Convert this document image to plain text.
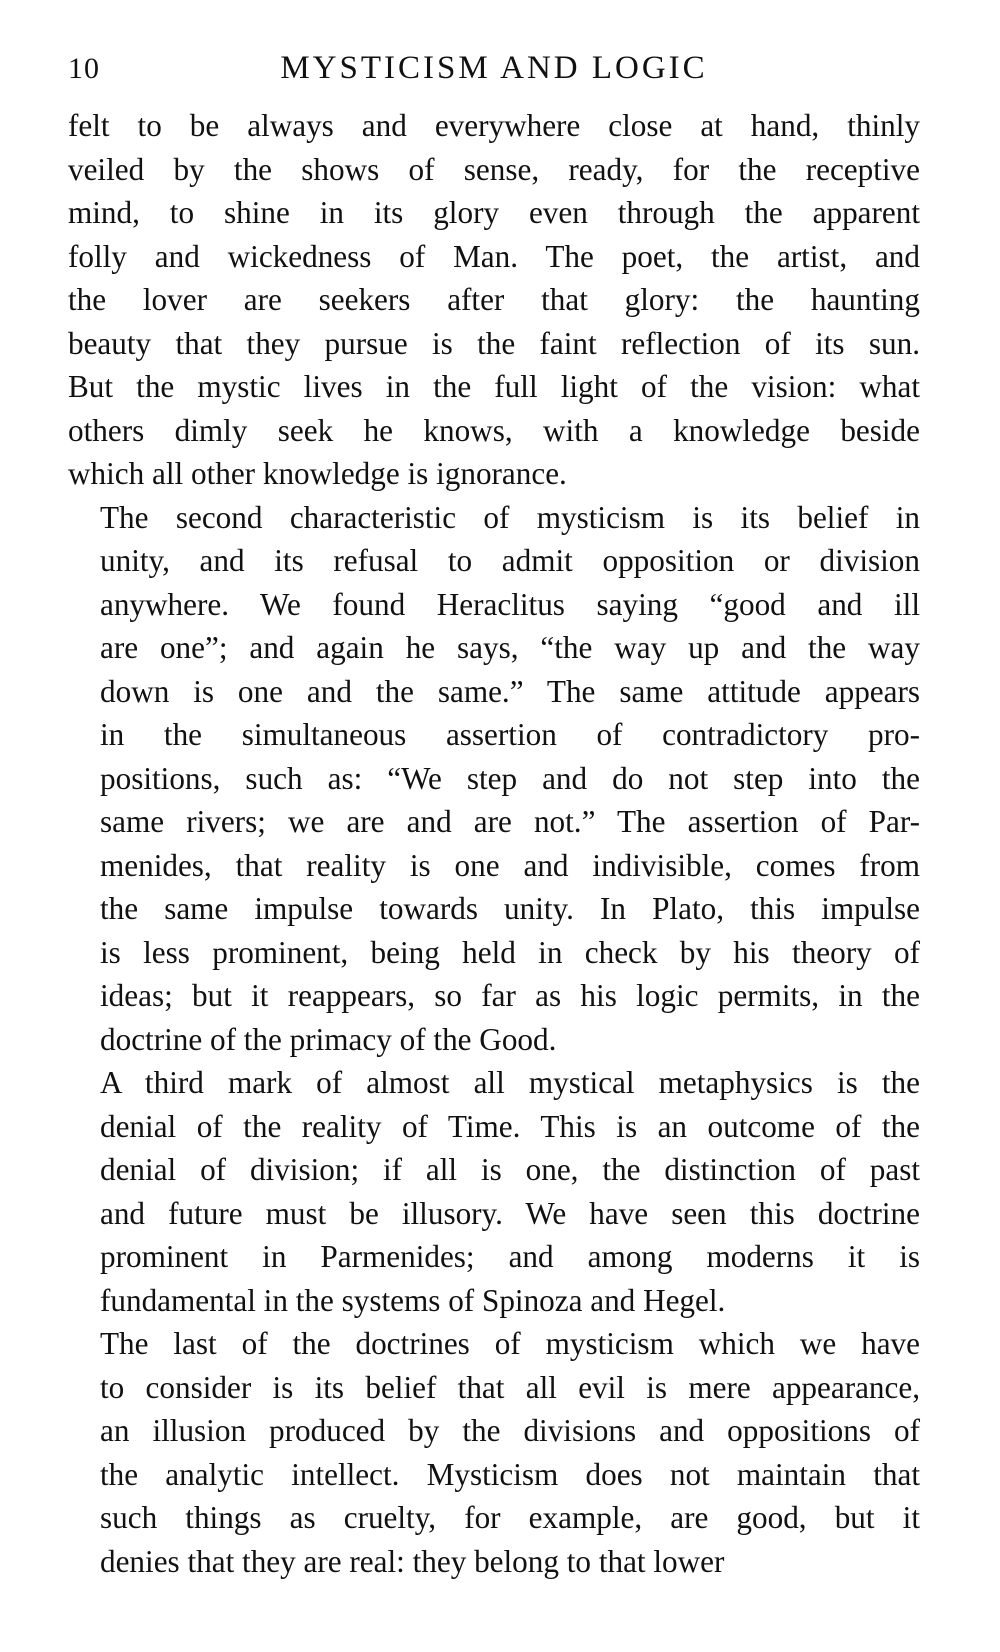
10	MYSTICISM AND LOGIC
felt to be always and everywhere close at hand, thinly
veiled by the shows of sense, ready, for the receptive
mind, to shine in its glory even through the apparent
folly and wickedness of Man. The poet, the artist, and
the lover are seekers after that glory: the haunting
beauty that they pursue is the faint reflection of its sun.
But the mystic lives in the full light of the vision: what
others dimly seek he knows, with a knowledge beside
which all other knowledge is ignorance.
The second characteristic of mysticism is its belief in
unity, and its refusal to admit opposition or division
anywhere. We found Heraclitus saying “good and ill
are one”; and again he says, “the way up and the way
down is one and the same.” The same attitude appears
in the simultaneous assertion of contradictory pro-
positions, such as: “We step and do not step into the
same rivers; we are and are not.” The assertion of Par-
menides, that reality is one and indivisible, comes from
the same impulse towards unity. In Plato, this impulse
is less prominent, being held in check by his theory of
ideas; but it reappears, so far as his logic permits, in the
doctrine of the primacy of the Good.
A third mark of almost all mystical metaphysics is the
denial of the reality of Time. This is an outcome of the
denial of division; if all is one, the distinction of past
and future must be illusory. We have seen this doctrine
prominent in Parmenides; and among moderns it is
fundamental in the systems of Spinoza and Hegel.
The last of the doctrines of mysticism which we have
to consider is its belief that all evil is mere appearance,
an illusion produced by the divisions and oppositions of
the analytic intellect. Mysticism does not maintain that
such things as cruelty, for example, are good, but it
denies that they are real: they belong to that lower
